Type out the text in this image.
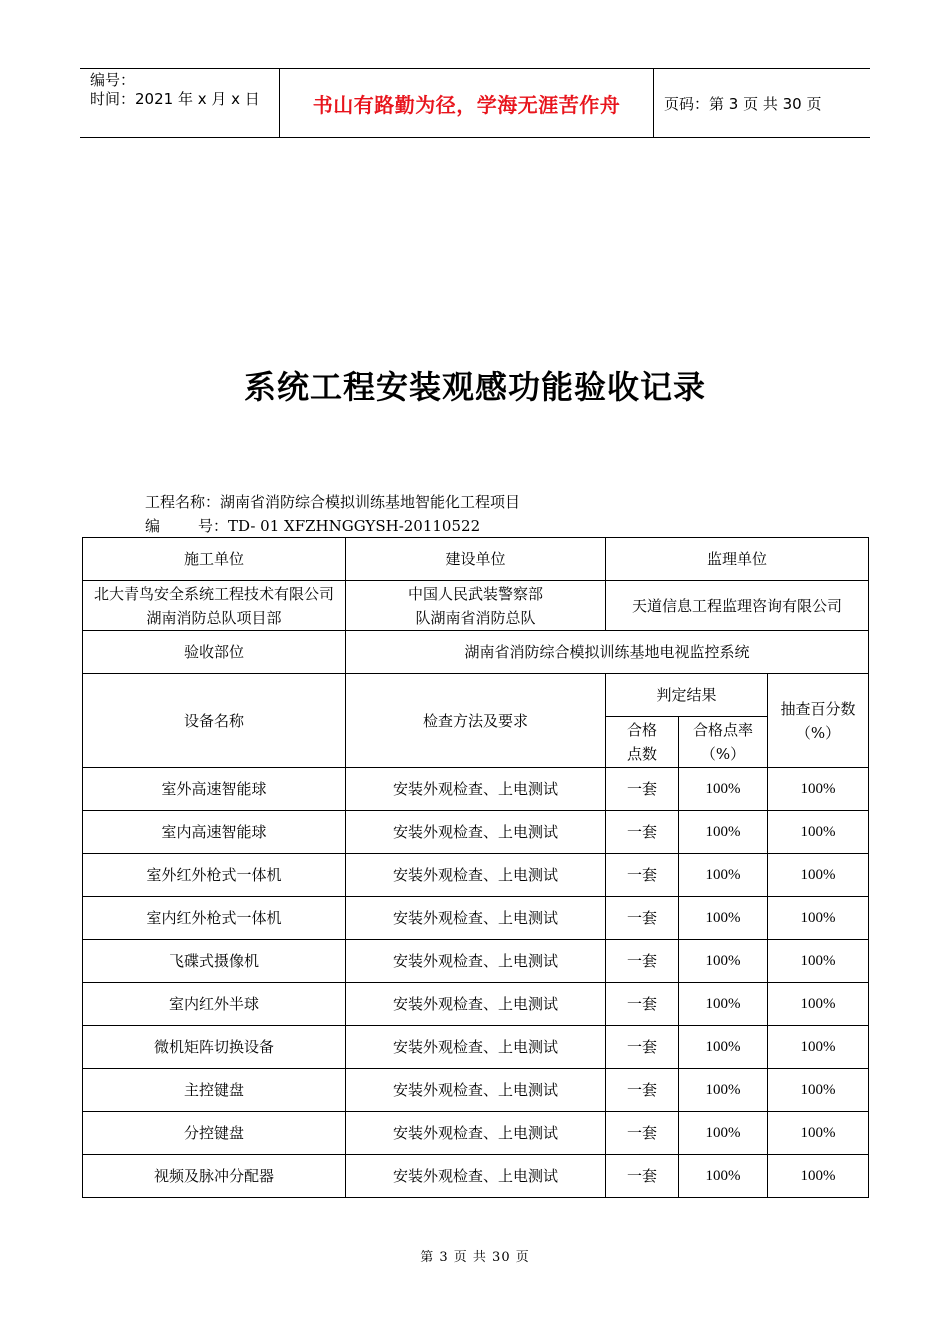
编号：
时间：2021 年 x 月 x 日	书山有路勤为径，学海无涯苦作舟	页码：第 3 页 共 30 页
系统工程安装观感功能验收记录
工程名称：湖南省消防综合模拟训练基地智能化工程项目
编	号：TD- 01 XFZHNGGYSH-20110522
施工单位	建设单位	监理单位		
北大青鸟安全系统工程技术有限公司湖南消防总队项目部	中国人民武装警察部队湖南省消防总队	天道信息工程监理咨询有限公司		
验收部位	湖南省消防综合模拟训练基地电视监控系统			
设备名称	检查方法及要求	判定结果		抽查百分数（%）
		合格点数	合格点率（%）	
室外高速智能球	安装外观检查、上电测试	一套	100%	100%
室内高速智能球	安装外观检查、上电测试	一套	100%	100%
室外红外枪式一体机	安装外观检查、上电测试	一套	100%	100%
室内红外枪式一体机	安装外观检查、上电测试	一套	100%	100%
飞碟式摄像机	安装外观检查、上电测试	一套	100%	100%
室内红外半球	安装外观检查、上电测试	一套	100%	100%
微机矩阵切换设备	安装外观检查、上电测试	一套	100%	100%
主控键盘	安装外观检查、上电测试	一套	100%	100%
分控键盘	安装外观检查、上电测试	一套	100%	100%
视频及脉冲分配器	安装外观检查、上电测试	一套	100%	100%
第 3 页 共 30 页
